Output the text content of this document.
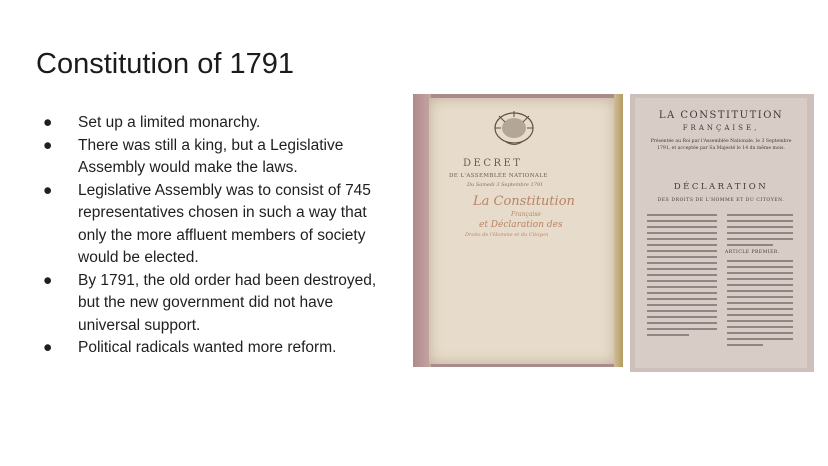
Constitution of 1791
● Set up a limited monarchy.
● There was still a king, but a Legislative Assembly would make the laws.
● Legislative Assembly was to consist of 745 representatives chosen in such a way that only the more affluent members of society would be elected.
● By 1791, the old order had been destroyed, but the new government did not have universal support.
● Political radicals wanted more reform.
DECRET
DE L'ASSEMBLÉE NATIONALE
Du Samedi 3 Septembre 1791
La Constitution
Française
et Déclaration des
Droits de l'Homme et du Citoyen
LA CONSTITUTION
FRANÇAISE,
Présentée au Roi par l'Assemblée Nationale, le 3 Septembre 1791, et acceptée par Sa Majesté le 14 du même mois.
DÉCLARATION
DES DROITS DE L'HOMME ET DU CITOYEN.
ARTICLE PREMIER.
